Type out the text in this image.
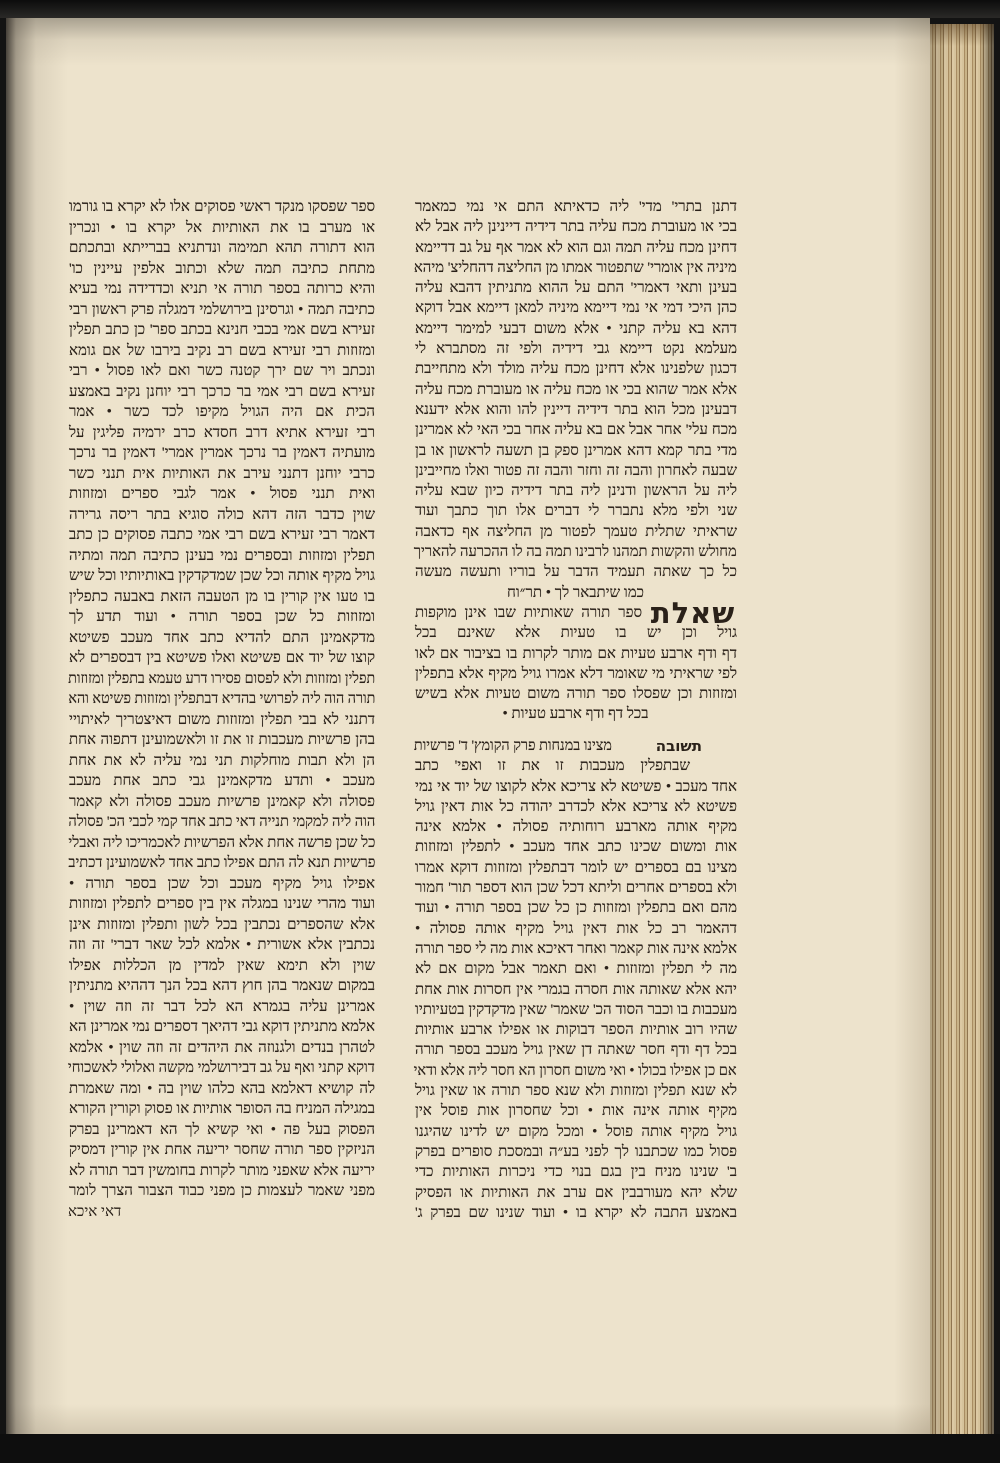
דתנן בתרי' מדי' ליה כדאיתא התם אי נמי כמאמר
בכי או מעוברת מכח עליה בתר דידיה דיינינן ליה אבל לא
דחינן מכח עליה תמה וגם הוא לא אמר אף על גב דדיימא
מיניה אין אומרי' שתפטור אמתו מן החליצה דהחליצ' מיהא
בעינן ותאי דאמרי' התם על ההוא מתניתין דהבא עליה
כהן היכי דמי אי נמי דיימא מיניה למאן דיימא אבל דוקא
דהא בא עליה קתני • אלא משום דבעי למימר דיימא
מעלמא נקט דיימא גבי דידיה ולפי זה מסתברא לי
דכגון שלפנינו אלא דחינן מכח עליה מולד ולא מתחייבת
אלא אמר שהוא בכי או מכח עליה או מעוברת מכח עליה
דבעינן מכל הוא בתר דידיה דיינין להו והוא אלא ידענא
מכח עלי' אחר אבל אם בא עליה אחר בכי האי לא אמרינן
מדי בתר קמא דהא אמרינן ספק בן תשעה לראשון או בן
שבעה לאחרון והבה זה וחזר והבה זה פטור ואלו מחייבינן
ליה על הראשון ודנינן ליה בתר דידיה כיון שבא עליה
שני ולפי מלא נתברר לי דברים אלו תוך כתבך ועוד
שראיתי שתלית טעמך לפטור מן החליצה אף כדאבה
מחולש והקשות תמהנו לרבינו תמה בה לו ההכרעה להאריך
כל כך שאתה תעמיד הדבר על בוריו ותעשה מעשה
כמו שיתבאר לך • תר״וח
שאלת
ספר תורה שאותיות שבו אינן מוקפות
גויל וכן יש בו טעיות אלא שאינם בכל
דף ודף ארבע טעיות אם מותר לקרות בו בציבור אם לאו
לפי שראיתי מי שאומר דלא אמרו גויל מקיף אלא בתפלין
ומזוזות וכן שפסלו ספר תורה משום טעיות אלא בשיש
בכל דף ודף ארבע טעיות •
תשובה
מצינו במנחות פרק הקומץ' ד' פרשיות
שבתפלין מעכבות זו את זו ואפי' כתב
אחד מעכב • פשיטא לא צריכא אלא לקוצו של יוד אי נמי
פשיטא לא צריכא אלא לכדרב יהודה כל אות דאין גויל
מקיף אותה מארבע רוחותיה פסולה • אלמא אינה
אות ומשום שכינו כתב אחד מעכב • לתפלין ומזוזות
מצינו בם בספרים יש לומר דבתפלין ומזוזות דוקא אמרו
ולא בספרים אחרים וליתא דכל שכן הוא דספר תור' חמור
מהם ואם בתפלין ומזוזות כן כל שכן בספר תורה • ועוד
דהאמר רב כל אות דאין גויל מקיף אותה פסולה •
אלמא אינה אות קאמר ואחר דאיכא אות מה לי ספר תורה
מה לי תפלין ומזוזות • ואם תאמר אבל מקום אם לא
יהא אלא שאותה אות חסרה בגמרי אין חסרות אות אחת
מעכבות בו וכבר הסוד הכ' שאמר' שאין מדקדקין בטעיותיו
שהיו רוב אותיות הספר דבוקות או אפילו ארבע אותיות
בכל דף ודף חסר שאתה דן שאין גויל מעכב בספר תורה
אם כן אפילו בכולו • ואי משום חסרון הא חסר ליה אלא ודאי
לא שנא תפלין ומזוזות ולא שנא ספר תורה או שאין גויל
מקיף אותה אינה אות • וכל שחסרון אות פוסל אין
גויל מקיף אותה פוסל • ומכל מקום יש לדינו שהיגנו
פסול כמו שכתבנו לך לפני בע״ה ובמסכת סופרים בפרק
ב' שנינו מניח בין בגם בנוי כדי ניכרות האותיות כדי
שלא יהא מעורבבין אם ערב את האותיות או הפסיק
באמצע התבה לא יקרא בו • ועוד שנינו שם בפרק ג'
ספר שפסקו מנקד ראשי פסוקים אלו לא יקרא בו גורמו
או מערב בו את האותיות אל יקרא בו • ונכרין
הוא דתורה תהא תמימה ונדתניא בברייתא ובתכתם
מתחת כתיבה תמה שלא וכתוב אלפין עיינין כו'
והיא כרותה בספר תורה אי תניא וכדדידה נמי בעיא
כתיבה תמה • וגרסינן בירושלמי דמגלה פרק ראשון רבי
זעירא בשם אמי בכבי חנינא בכתב ספר' כן כתב תפלין
ומזוזות רבי זעירא בשם רב נקיב בירבו של אם גומא
ונכתב ויר שם ירך קטנה כשר ואם לאו פסול • רבי
זעירא בשם רבי אמי בר כרכך רבי יוחנן נקיב באמצע
הכית אם היה הגויל מקיפו לכד כשר • אמר
רבי זעירא אתיא דרב חסדא כרב ירמיה פליגין על
מועתיה דאמין בר נרכך אמרין אמרי' דאמין בר נרכך
כרבי יוחנן דתנני עירב את האותיות אית תנני כשר
ואית תנני פסול • אמר לגבי ספרים ומזוזות
שוין כדבר הזה דהא כולה סוגיא בתר ריסה גרירה
דאמר רבי זעירא בשם רבי אמי כתבה פסוקים כן כתב
תפלין ומזוזות ובספרים נמי בעינן כתיבה תמה ומתיה
גויל מקיף אותה וכל שכן שמדקדקין באותיותיו וכל שיש
בו טעו אין קורין בו מן הטעבה הזאת באבעה כתפלין
ומזוזות כל שכן בספר תורה • ועוד תדע לך
מדקאמינן התם להדיא כתב אחד מעכב פשיטא
קוצו של יוד אם פשיטא ואלו פשיטא בין דבספרים לא
תפלין ומזוזות ולא לפסום פסירו דרע טעמא בתפלין ומזוזות
תורה הוה ליה לפרושי בהדיא דבתפלין ומזוזות פשיטא והא
דתנני לא בבי תפלין ומזוזות משום דאיצטריך לאיתויי
בהן פרשיות מעכבות זו את זו ולאשמועינן דתפוה אחת
הן ולא תבות מוחלקות תני נמי עליה לא את אחת
מעכב • ותדע מדקאמינן גבי כתב אחת מעכב
פסולה ולא קאמינן פרשיות מעכב פסולה ולא קאמר
הוה ליה למקמי תנייה דאי כתב אחד קמי לכבי הכ' פסולה
כל שכן פרשה אחת אלא הפרשיות לאכמריכו ליה ואבלי
פרשיות תנא לה התם אפילו כתב אחד לאשמועינן דכתיב
אפילו גויל מקיף מעכב וכל שכן בספר תורה •
ועוד מהרי שנינו במגלה אין בין ספרים לתפלין ומזוזות
אלא שהספרים נכתבין בכל לשון ותפלין ומזוזות אינן
נכתבין אלא אשורית • אלמא לכל שאר דברי' זה וזה
שוין ולא תימא שאין למדין מן הכללות אפילו
במקום שנאמר בהן חוץ דהא בכל הנך דההיא מתניתין
אמרינן עליה בגמרא הא לכל דבר זה וזה שוין •
אלמא מתניתין דוקא גבי דהיאך דספרים נמי אמרינן הא
לטהרן בנדים ולגנוזה את היהדים זה וזה שוין • אלמא
דוקא קתני ואף על גב דבירושלמי מקשה ואלולי לאשכוחי
לה קושיא דאלמא בהא כלהו שוין בה • ומה שאמרת
במגילה המניח בה הסופר אותיות או פסוק וקורין הקורא
הפסוק בעל פה • ואי קשיא לך הא דאמרינן בפרק
הניזקין ספר תורה שחסר יריעה אחת אין קורין דמסיק
יריעה אלא שאפני מותר לקרות בחומשין דבר תורה לא
מפני שאמר לעצמות כן מפני כבוד הצבור הצרך לומר
דאי איכא
